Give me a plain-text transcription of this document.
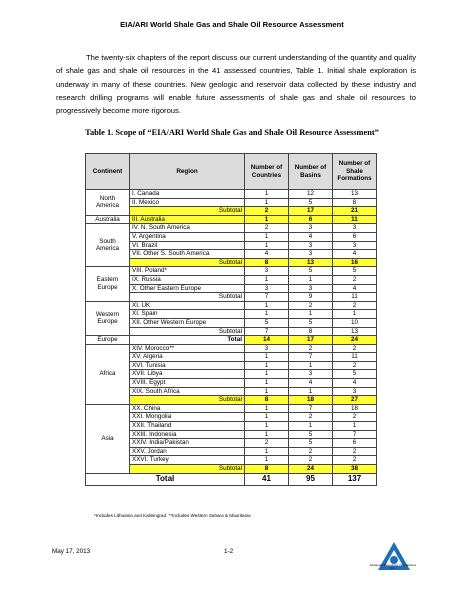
EIA/ARI World Shale Gas and Shale Oil Resource Assessment

The twenty-six chapters of the report discuss our current understanding of the quantity and quality of shale gas and shale oil resources in the 41 assessed countries, Table 1. Initial shale exploration is underway in many of these countries. New geologic and reservoir data collected by these industry and research drilling programs will enable future assessments of shale gas and shale oil resources to progressively become more rigorous.

Table 1. Scope of “EIA/ARI World Shale Gas and Shale Oil Resource Assessment”
Continent	Region	Number of Countries	Number of Basins	Number of Shale Formations
North America	I. Canada	1	12	13
	II. Mexico	1	5	8
	Subtotal	2	17	21
Australia	III. Australia	1	6	11
South America	IV. N. South America	2	3	3
	V. Argentina	1	4	6
	VI. Brazil	1	3	3
	VII. Other S. South America	4	3	4
	Subtotal	8	13	16
Eastern Europe	VIII. Poland*	3	5	5
	IX. Russia	1	1	2
	X. Other Eastern Europe	3	3	4
	Subtotal	7	9	11
Western Europe	XI. UK	1	2	2
	XI. Spain	1	1	1
	XII. Other Western Europe	5	5	10
	Subtotal	7	8	13
Europe	Total	14	17	24
Africa	XIV. Morocco**	3	2	2
	XV. Algeria	1	7	11
	XVI. Tunisia	1	1	2
	XVII. Libya	1	3	5
	XVIII. Egypt	1	4	4
	XIX. South Africa	1	1	3
	Subtotal	8	18	27
Asia	XX. China	1	7	18
	XXI. Mongolia	1	2	2
	XXII. Thailand	1	1	1
	XXIII. Indonesia	1	5	7
	XXIV. India/Pakistan	2	5	6
	XXV. Jordan	1	2	2
	XXVI. Turkey	1	2	2
	Subtotal	8	24	38
Total		41	95	137
*Includes Lithuania and Kaliningrad. **Includes Western Sahara & Mauritania
May 17, 2013	1-2
Advanced Resources International, Inc.
